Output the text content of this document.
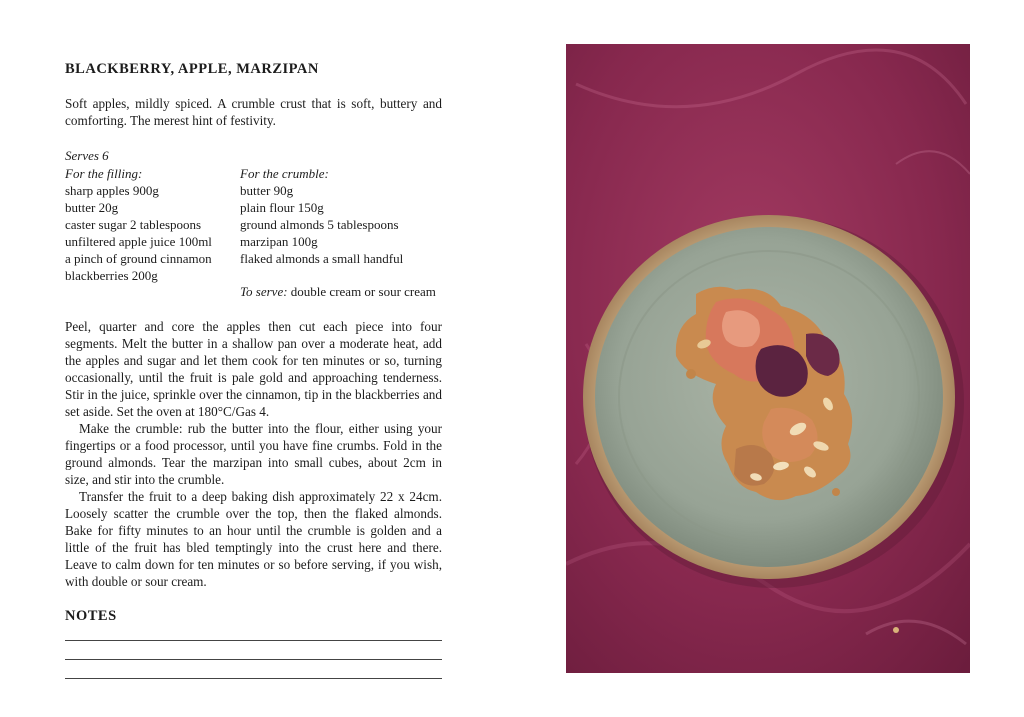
BLACKBERRY, APPLE, MARZIPAN
Soft apples, mildly spiced. A crumble crust that is soft, buttery and comforting. The merest hint of festivity.
Serves 6
For the filling:
sharp apples 900g
butter 20g
caster sugar 2 tablespoons
unfiltered apple juice 100ml
a pinch of ground cinnamon
blackberries 200g
For the crumble:
butter 90g
plain flour 150g
ground almonds 5 tablespoons
marzipan 100g
flaked almonds a small handful
To serve: double cream or sour cream

Peel, quarter and core the apples then cut each piece into four segments. Melt the butter in a shallow pan over a moderate heat, add the apples and sugar and let them cook for ten minutes or so, turning occasionally, until the fruit is pale gold and approaching tenderness. Stir in the juice, sprinkle over the cinnamon, tip in the blackberries and set aside. Set the oven at 180°C/Gas 4.

Make the crumble: rub the butter into the flour, either using your fingertips or a food processor, until you have fine crumbs. Fold in the ground almonds. Tear the marzipan into small cubes, about 2cm in size, and stir into the crumble.

Transfer the fruit to a deep baking dish approximately 22 x 24cm. Loosely scatter the crumble over the top, then the flaked almonds. Bake for fifty minutes to an hour until the crumble is golden and a little of the fruit has bled temptingly into the crust here and there. Leave to calm down for ten minutes or so before serving, if you wish, with double or sour cream.

NOTES
